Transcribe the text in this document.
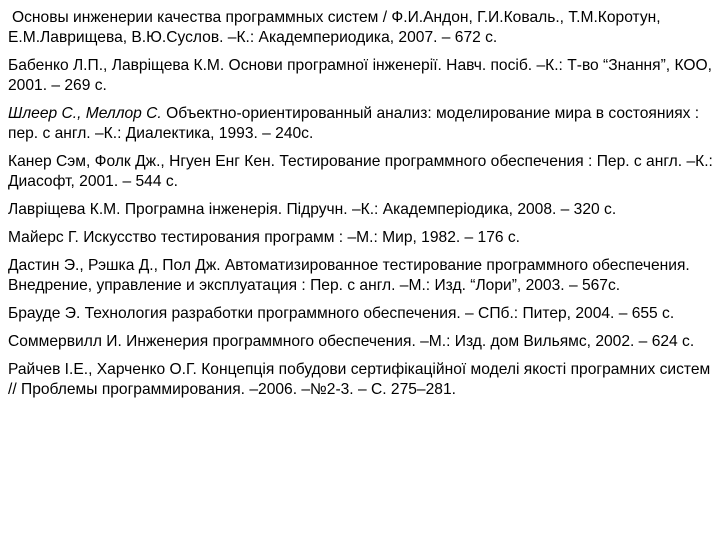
Основы инженерии качества программных систем / Ф.И.Андон, Г.И.Коваль., Т.М.Коротун, Е.М.Лаврищева, В.Ю.Суслов. –К.: Академпериодика, 2007. – 672 с.

Бабенко Л.П., Лаврiщева К.М. Основи програмної інженерії. Навч. посіб. –К.: Т-во “Знання”, КОО, 2001. – 269 с.

Шлеер С., Меллор С. Объектно-ориентированный анализ: моделирование мира в состояниях : пер. с англ. –К.: Диалектика, 1993. – 240с.

Канер Сэм, Фолк Дж., Нгуен Енг Кен. Тестирование программного обеспечения : Пер. с англ. –К.: Диасофт, 2001. – 544 с.

Лаврiщева К.М. Програмна інженерія. Підручн. –К.: Академперіодика, 2008. – 320 с.

Майерс Г. Искусство тестирования программ : –М.: Мир, 1982. – 176 с.

Дастин Э., Рэшка Д., Пол Дж. Автоматизированное тестирование программного обеспечения. Внедрение, управление и эксплуатация : Пер. с англ. –М.: Изд. “Лори”, 2003. – 567с.

Брауде Э. Технология разработки программного обеспечения. – СПб.: Питер, 2004. – 655 с.

Соммервилл И. Инженерия программного обеспечения. –М.: Изд. дом Вильямс, 2002. – 624 с.

Райчев І.Е., Харченко О.Г. Концепція побудови сертифікаційної моделі якості програмних систем // Проблемы программирования. –2006. –№2-3. – С. 275–281.
